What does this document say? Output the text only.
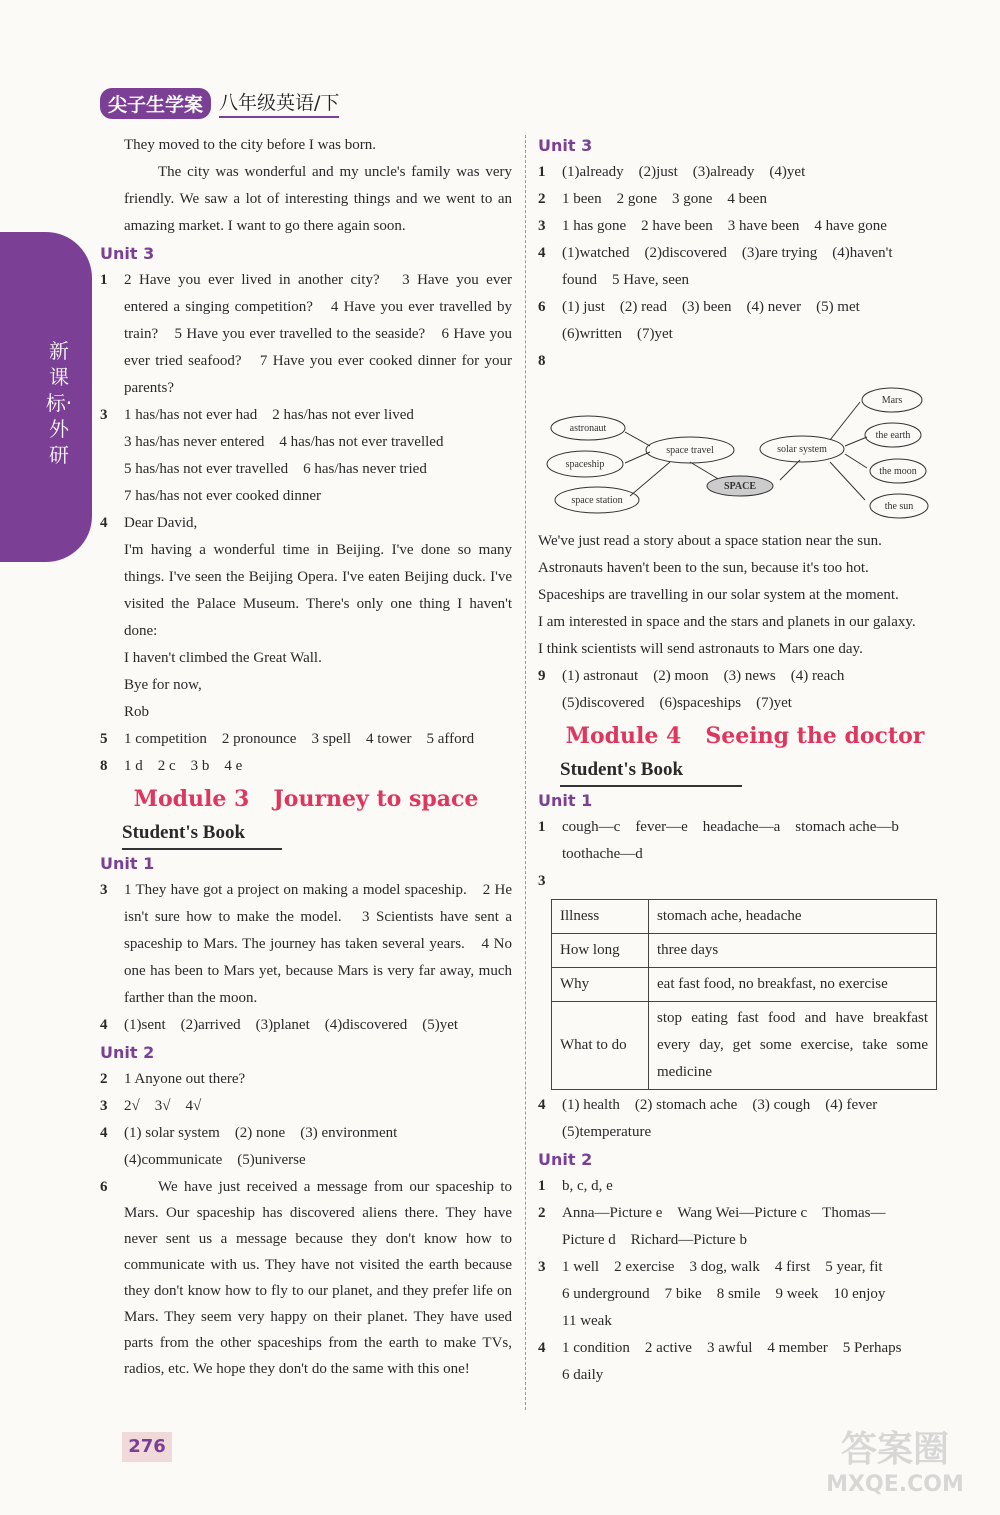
新课标·外研
尖子生学案 八年级英语/下
They moved to the city before I was born.
The city was wonderful and my uncle's family was very friendly. We saw a lot of interesting things and we went to an amazing market. I want to go there again soon.
Unit 3
1	2 Have you ever lived in another city?　3 Have you ever entered a singing competition?　4 Have you ever travelled by train?　5 Have you ever travelled to the seaside?　6 Have you ever tried seafood?　7 Have you ever cooked dinner for your parents?
3 1 has/has not ever had　2 has/has not ever lived
3 has/has never entered　4 has/has not ever travelled
5 has/has not ever travelled　6 has/has never tried
7 has/has not ever cooked dinner
4 Dear David,
I'm having a wonderful time in Beijing. I've done so many things. I've seen the Beijing Opera. I've eaten Beijing duck. I've visited the Palace Museum. There's only one thing I haven't done:
I haven't climbed the Great Wall.
Bye for now,
Rob
5 1 competition　2 pronounce　3 spell　4 tower　5 afford
8 1 d　2 c　3 b　4 e
Module 3 Journey to space
Student's Book
Unit 1
3	1 They have got a project on making a model spaceship.　2 He isn't sure how to make the model.　3 Scientists have sent a spaceship to Mars. The journey has taken several years.　4 No one has been to Mars yet, because Mars is very far away, much farther than the moon.
4 (1)sent　(2)arrived　(3)planet　(4)discovered　(5)yet
Unit 2
2 1 Anyone out there?
3 2√　3√　4√
4 (1) solar system　(2) none　(3) environment
(4)communicate　(5)universe
6	We have just received a message from our spaceship to Mars. Our spaceship has discovered aliens there. They have never sent us a message because they don't know how to communicate with us. They have not visited the earth because they don't know how to fly to our planet, and they prefer life on Mars. They seem very happy on their planet. They have used parts from the other spaceships from the earth to make TVs, radios, etc. We hope they don't do the same with this one!
Unit 3
1 (1)already　(2)just　(3)already　(4)yet
2 1 been　2 gone　3 gone　4 been
3 1 has gone　2 have been　3 have been　4 have gone
4 (1)watched　(2)discovered　(3)are trying　(4)haven't
found　5 Have, seen
6 (1) just　(2) read　(3) been　(4) never　(5) met
(6)written　(7)yet
8
We've just read a story about a space station near the sun.
Astronauts haven't been to the sun, because it's too hot.
Spaceships are travelling in our solar system at the moment.
I am interested in space and the stars and planets in our galaxy.
I think scientists will send astronauts to Mars one day.
9 (1) astronaut　(2) moon　(3) news　(4) reach
(5)discovered　(6)spaceships　(7)yet
Module 4 Seeing the doctor
Student's Book
Unit 1
1 cough—c　fever—e　headache—a　stomach ache—b
toothache—d
3
Illness	stomach ache, headache
How long	three days
Why	eat fast food, no breakfast, no exercise
What to do	stop eating fast food and have breakfast every day, get some exercise, take some medicine
4 (1) health　(2) stomach ache　(3) cough　(4) fever
(5)temperature
Unit 2
1 b, c, d, e
2 Anna—Picture e　Wang Wei—Picture c　Thomas—
Picture d　Richard—Picture b
3 1 well　2 exercise　3 dog, walk　4 first　5 year, fit
6 underground　7 bike　8 smile　9 week　10 enjoy
11 weak
4 1 condition　2 active　3 awful　4 member　5 Perhaps
6 daily
astronaut
spaceship
space station
space travel
SPACE
solar system
Mars
the earth
the moon
the sun
276	答案圈
MXQE.COM
